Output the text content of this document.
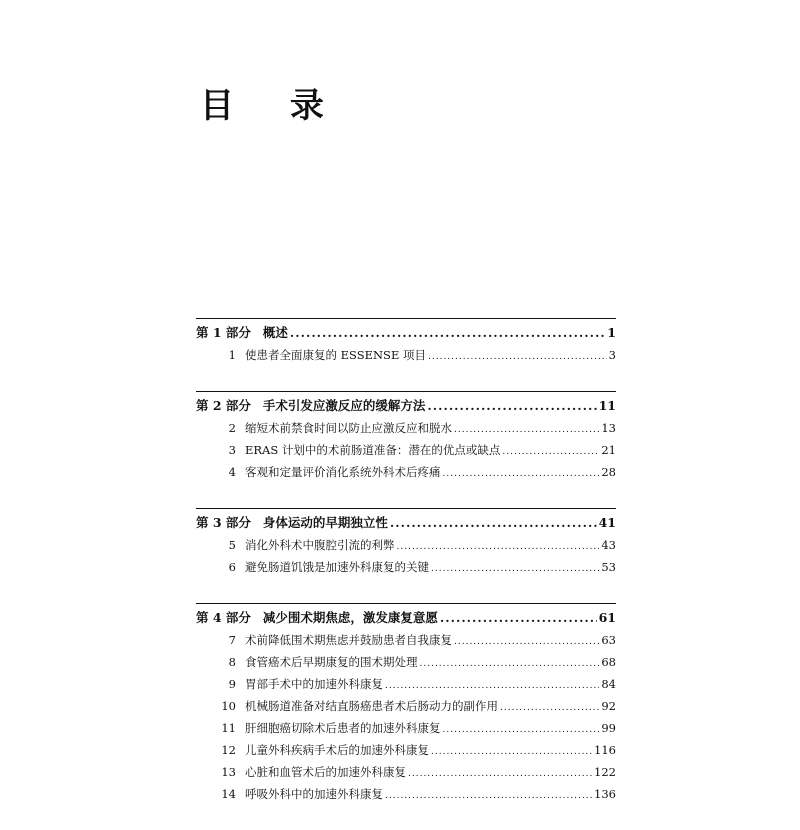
目 录
第 1 部分 概述 .....	1
1 使患者全面康复的 ESSENSE 项目 .....	3
第 2 部分 手术引发应激反应的缓解方法 .....	11
2 缩短术前禁食时间以防止应激反应和脱水 .....	13
3 ERAS 计划中的术前肠道准备：潜在的优点或缺点 .....	21
4 客观和定量评价消化系统外科术后疼痛 .....	28
第 3 部分 身体运动的早期独立性 .....	41
5 消化外科术中腹腔引流的利弊 .....	43
6 避免肠道饥饿是加速外科康复的关键 .....	53
第 4 部分 减少围术期焦虑，激发康复意愿 .....	61
7 术前降低围术期焦虑并鼓励患者自我康复 .....	63
8 食管癌术后早期康复的围术期处理 .....	68
9 胃部手术中的加速外科康复 .....	84
10 机械肠道准备对结直肠癌患者术后肠动力的副作用 .....	92
11 肝细胞癌切除术后患者的加速外科康复 .....	99
12 儿童外科疾病手术后的加速外科康复 .....	116
13 心脏和血管术后的加速外科康复 .....	122
14 呼吸外科中的加速外科康复 .....	136
